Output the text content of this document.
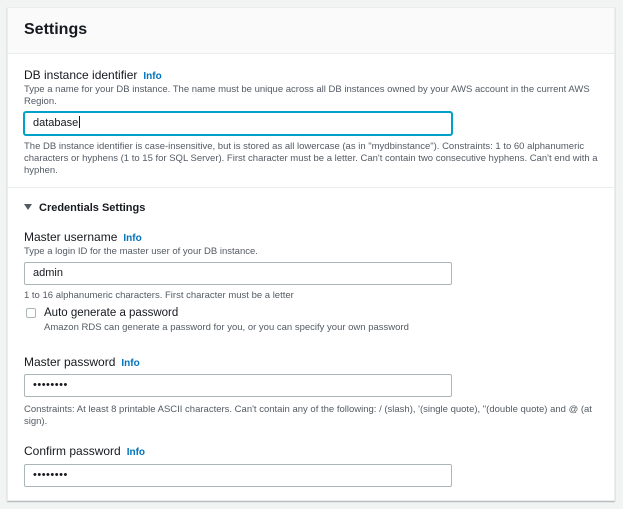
Settings
DB instance identifier Info
Type a name for your DB instance. The name must be unique across all DB instances owned by your AWS account in the current AWS Region.
database
The DB instance identifier is case-insensitive, but is stored as all lowercase (as in "mydbinstance"). Constraints: 1 to 60 alphanumeric characters or hyphens (1 to 15 for SQL Server). First character must be a letter. Can't contain two consecutive hyphens. Can't end with a hyphen.
Credentials Settings
Master username Info
Type a login ID for the master user of your DB instance.
admin
1 to 16 alphanumeric characters. First character must be a letter
Auto generate a password
Amazon RDS can generate a password for you, or you can specify your own password
Master password Info
••••••••
Constraints: At least 8 printable ASCII characters. Can't contain any of the following: / (slash), '(single quote), "(double quote) and @ (at sign).
Confirm password Info
••••••••
